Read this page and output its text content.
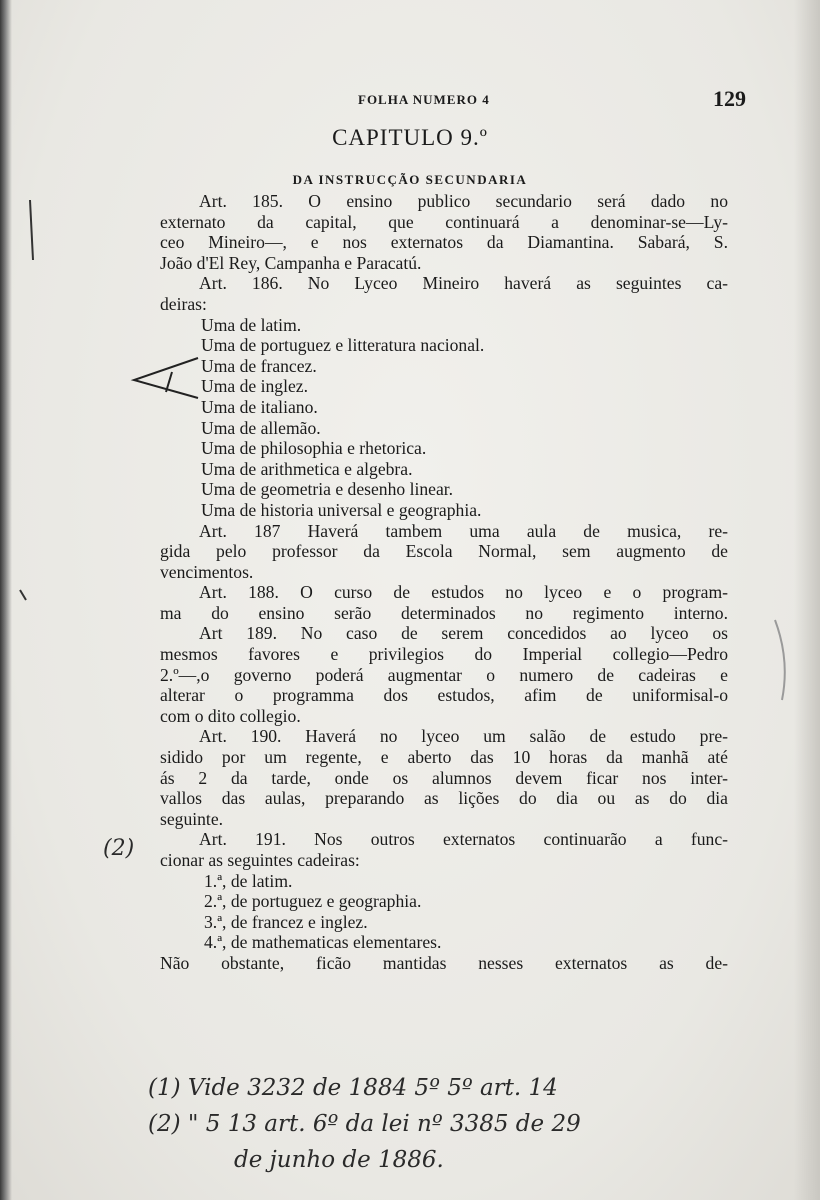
FOLHA NUMERO 4	129
CAPITULO 9.º
DA INSTRUCÇÃO SECUNDARIA
Art. 185. O ensino publico secundario será dado no
externato da capital, que continuará a denominar-se—Ly-
ceo Mineiro—, e nos externatos da Diamantina. Sabará, S.
João d'El Rey, Campanha e Paracatú.
Art. 186. No Lyceo Mineiro haverá as seguintes ca-
deiras:
Uma de latim.
Uma de portuguez e litteratura nacional.
Uma de francez.
Uma de inglez.
Uma de italiano.
Uma de allemão.
Uma de philosophia e rhetorica.
Uma de arithmetica e algebra.
Uma de geometria e desenho linear.
Uma de historia universal e geographia.
Art. 187 Haverá tambem uma aula de musica, re-
gida pelo professor da Escola Normal, sem augmento de
vencimentos.
Art. 188. O curso de estudos no lyceo e o program-
ma do ensino serão determinados no regimento interno.
Art 189. No caso de serem concedidos ao lyceo os
mesmos favores e privilegios do Imperial collegio—Pedro
2.º—,o governo poderá augmentar o numero de cadeiras e
alterar o programma dos estudos, afim de uniformisal-o
com o dito collegio.
Art. 190. Haverá no lyceo um salão de estudo pre-
sidido por um regente, e aberto das 10 horas da manhã até
ás 2 da tarde, onde os alumnos devem ficar nos inter-
vallos das aulas, preparando as lições do dia ou as do dia
seguinte.
Art. 191. Nos outros externatos continuarão a func-
cionar as seguintes cadeiras:
1.ª, de latim.
2.ª, de portuguez e geographia.
3.ª, de francez e inglez.
4.ª, de mathematicas elementares.
Não obstante, ficão mantidas nesses externatos as de-
(2)
(1) Vide 3232 de 1884 5º 5º art. 14
(2) " 5 13 art. 6º da lei nº 3385 de 29
de junho de 1886.
